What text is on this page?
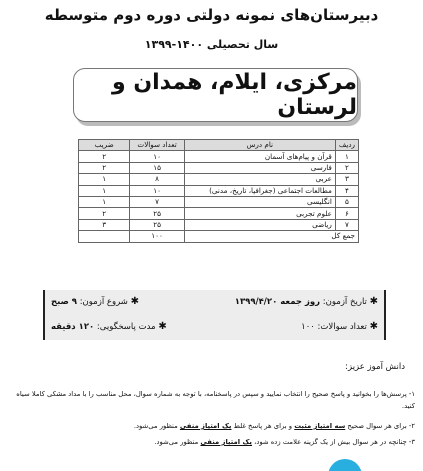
دبیرستان‌های نمونه دولتی دوره دوم متوسطه
سال تحصیلی ۱۴۰۰-۱۳۹۹
مرکزی، ایلام، همدان و لرستان
ردیف	نام درس	تعداد سوالات	ضریب
۱	قرآن و پیام‌های آسمان	۱۰	۲
۲	فارسی	۱۵	۲
۳	عربی	۸	۱
۴	مطالعات اجتماعی (جغرافیا، تاریخ، مدنی)	۱۰	۱
۵	انگلیسی	۷	۱
۶	علوم تجربی	۲۵	۲
۷	ریاضی	۲۵	۳
جمع کل		۱۰۰	
✱ تاریخ آزمون: روز جمعه ۱۳۹۹/۴/۲۰
✱ شروع آزمون: ۹ صبح
✱ تعداد سوالات: ۱۰۰
✱ مدت پاسخگویی: ۱۲۰ دقیقه
دانش آموز عزیز:
۱- پرسش‌ها را بخوانید و پاسخ صحیح را انتخاب نمایید و سپس در پاسخنامه، با توجه به شماره سوال، محل مناسب را با مداد مشکی کاملا سیاه کنید.
۲- برای هر سوال صحیح سه امتیاز مثبت و برای هر پاسخ غلط یک امتیاز منفی منظور می‌شود.
۳- چنانچه در هر سوال بیش از یک گزینه علامت زده شود، یک امتیاز منفی منظور می‌شود.
